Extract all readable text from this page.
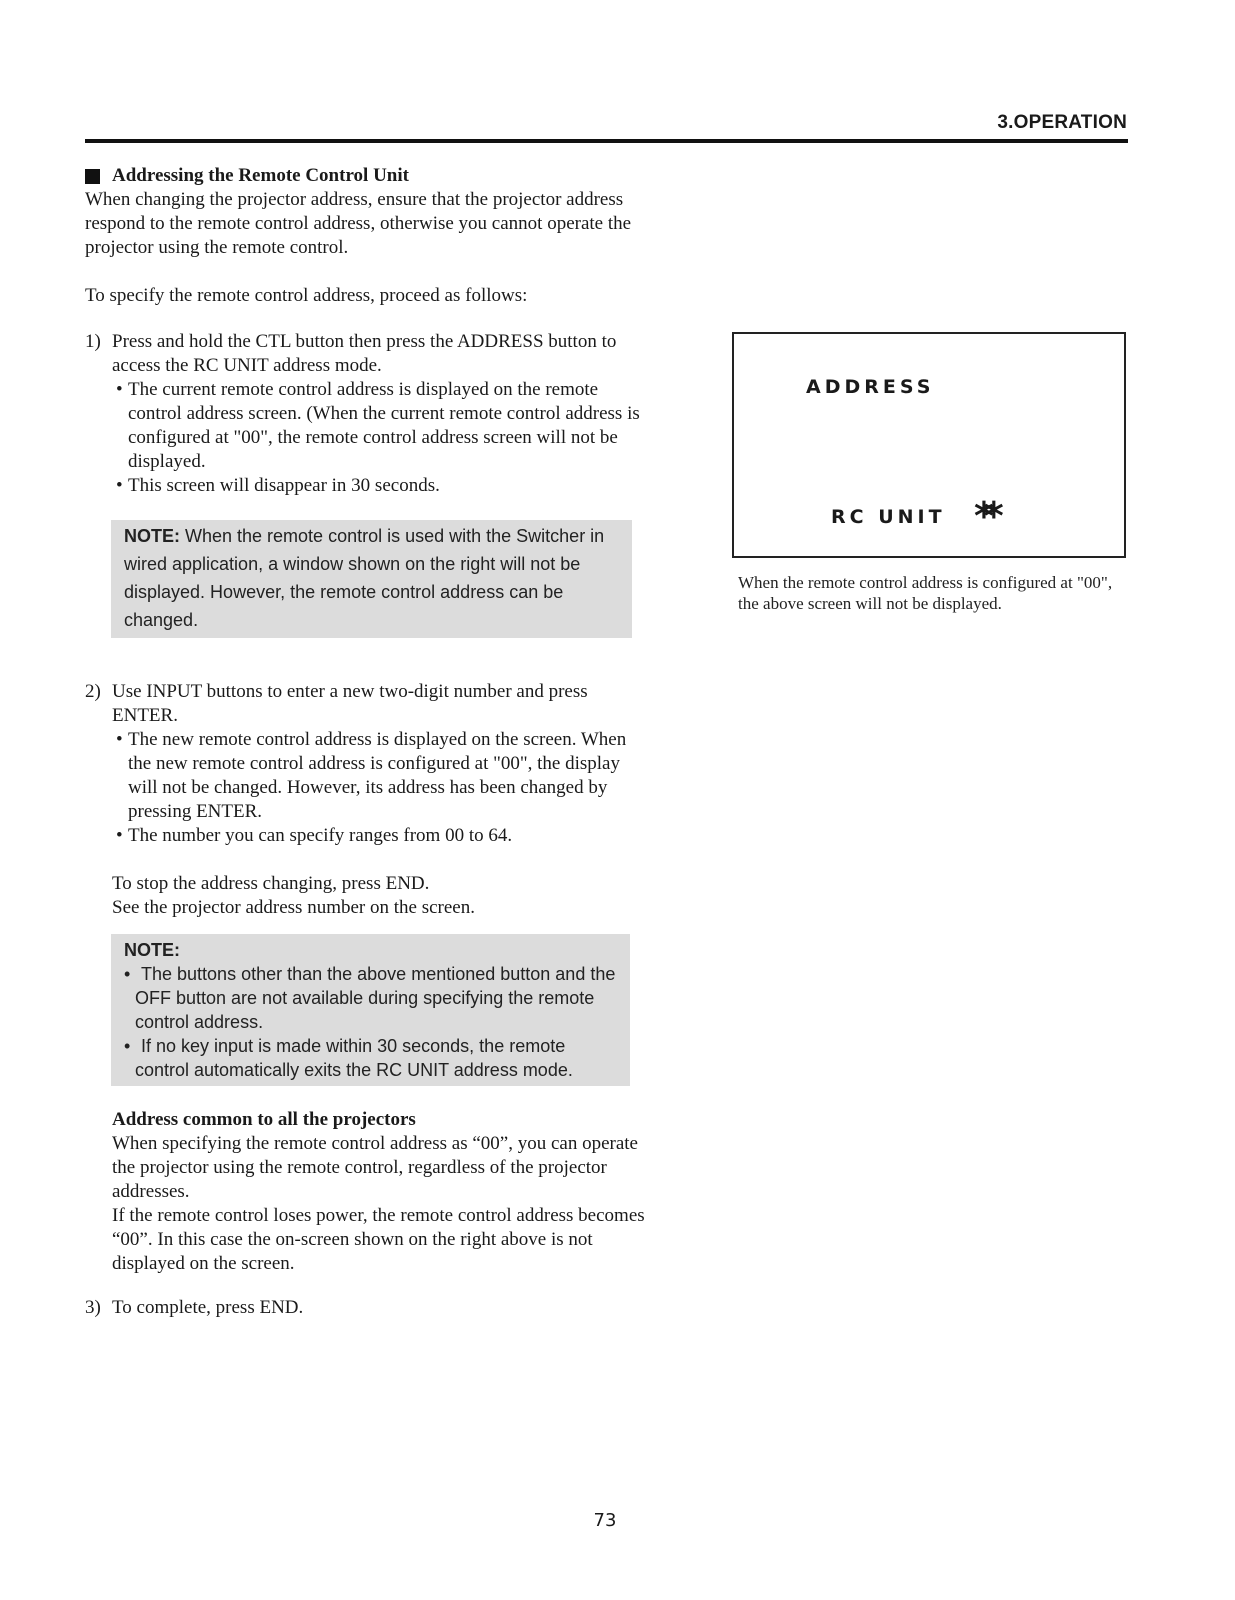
3.OPERATION

Addressing the Remote Control Unit

When changing the projector address, ensure that the projector address respond to the remote control address, otherwise you cannot operate the projector using the remote control.

To specify the remote control address, proceed as follows:

1) Press and hold the CTL button then press the ADDRESS button to access the RC UNIT address mode.

• The current remote control address is displayed on the remote control address screen. (When the current remote control address is configured at "00", the remote control address screen will not be displayed.
• This screen will disappear in 30 seconds.
NOTE: When the remote control is used with the Switcher in wired application, a window shown on the right will not be displayed. However, the remote control address can be changed.
2) Use INPUT buttons to enter a new two-digit number and press ENTER.

• The new remote control address is displayed on the screen. When the new remote control address is configured at "00", the display will not be changed. However, its address has been changed by pressing ENTER.
• The number you can specify ranges from 00 to 64.

To stop the address changing, press END.

See the projector address number on the screen.

NOTE:
• The buttons other than the above mentioned button and the OFF button are not available during specifying the remote control address.
• If no key input is made within 30 seconds, the remote control automatically exits the RC UNIT address mode.

Address common to all the projectors

When specifying the remote control address as “00”, you can operate the projector using the remote control, regardless of the projector addresses.

If the remote control loses power, the remote control address becomes “00”. In this case the on-screen shown on the right above is not displayed on the screen.

3) To complete, press END.

ADDRESS
RC UNIT **
When the remote control address is configured at "00", the above screen will not be displayed.
73
